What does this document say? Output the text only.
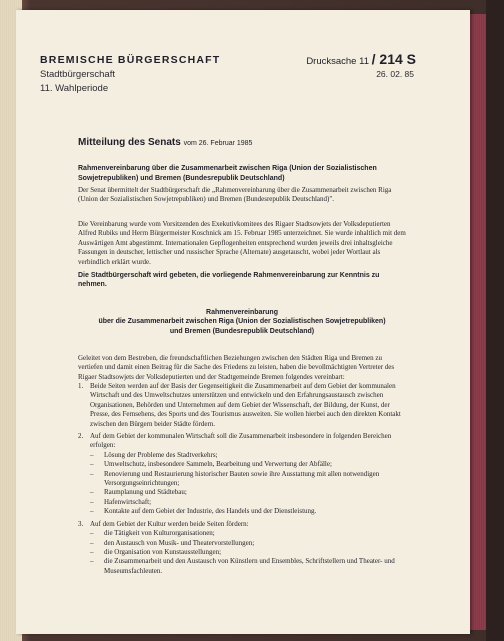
BREMISCHE BÜRGERSCHAFT
Stadtbürgerschaft
11. Wahlperiode
Drucksache 11 / 214 S
26. 02. 85
Mitteilung des Senats vom 26. Februar 1985
Rahmenvereinbarung über die Zusammenarbeit zwischen Riga (Union der Sozialistischen Sowjetrepubliken) und Bremen (Bundesrepublik Deutschland)
Der Senat übermittelt der Stadtbürgerschaft die „Rahmenvereinbarung über die Zusammenarbeit zwischen Riga (Union der Sozialistischen Sowjetrepubliken) und Bremen (Bundesrepublik Deutschland)".
Die Vereinbarung wurde vom Vorsitzenden des Exekutivkomitees des Rigaer Stadtsowjets der Volksdeputierten Alfred Rubiks und Herrn Bürgermeister Koschnick am 15. Februar 1985 unterzeichnet. Sie wurde inhaltlich mit dem Auswärtigen Amt abgestimmt. Internationalen Gepflogenheiten entsprechend wurden jeweils drei inhaltsgleiche Fassungen in deutscher, lettischer und russischer Sprache (Alternate) ausgetauscht, wobei jeder Wortlaut als verbindlich erklärt wurde.
Die Stadtbürgerschaft wird gebeten, die vorliegende Rahmenvereinbarung zur Kenntnis zu nehmen.
Rahmenvereinbarung
über die Zusammenarbeit zwischen Riga (Union der Sozialistischen Sowjetrepubliken)
und Bremen (Bundesrepublik Deutschland)
Geleitet von dem Bestreben, die freundschaftlichen Beziehungen zwischen den Städten Riga und Bremen zu vertiefen und damit einen Beitrag für die Sache des Friedens zu leisten, haben die bevollmächtigten Vertreter des Rigaer Stadtsowjets der Volksdeputierten und der Stadtgemeinde Bremen folgendes vereinbart:
1. Beide Seiten werden auf der Basis der Gegenseitigkeit die Zusammenarbeit auf dem Gebiet der kommunalen Wirtschaft und des Umweltschutzes unterstützen und entwickeln und den Erfahrungsaustausch zwischen Organisationen, Behörden und Unternehmen auf dem Gebiet der Wissenschaft, der Bildung, der Kunst, der Presse, des Fernsehens, des Sports und des Tourismus ausweiten. Sie wollen hierbei auch den direkten Kontakt zwischen den Bürgern beider Städte fördern.
2. Auf dem Gebiet der kommunalen Wirtschaft soll die Zusammenarbeit insbesondere in folgenden Bereichen erfolgen:
–	Lösung der Probleme des Stadtverkehrs;
–	Umweltschutz, insbesondere Sammeln, Bearbeitung und Verwertung der Abfälle;
–	Renovierung und Restaurierung historischer Bauten sowie ihre Ausstattung mit allen notwendigen Versorgungseinrichtungen;
–	Raumplanung und Städtebau;
–	Hafenwirtschaft;
–	Kontakte auf dem Gebiet der Industrie, des Handels und der Dienstleistung.
3. Auf dem Gebiet der Kultur werden beide Seiten fördern:
–	die Tätigkeit von Kulturorganisationen;
–	den Austausch von Musik- und Theatervorstellungen;
–	die Organisation von Kunstausstellungen;
–	die Zusammenarbeit und den Austausch von Künstlern und Ensembles, Schriftstellern und Theater- und Museumsfachleuten.
